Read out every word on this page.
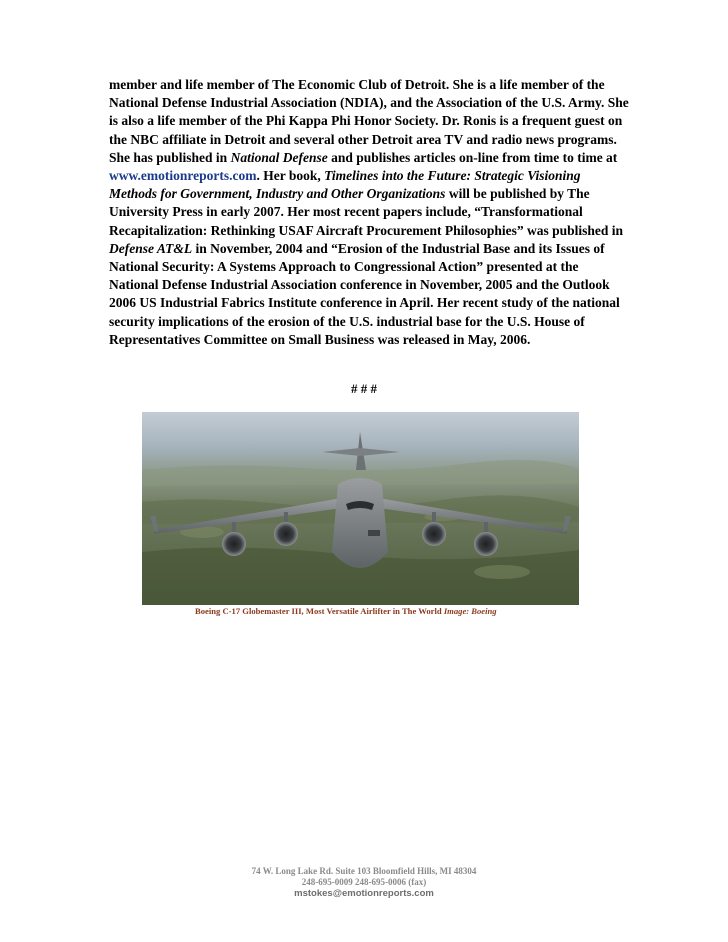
member and life member of The Economic Club of Detroit. She is a life member of the National Defense Industrial Association (NDIA), and the Association of the U.S. Army. She is also a life member of the Phi Kappa Phi Honor Society. Dr. Ronis is a frequent guest on the NBC affiliate in Detroit and several other Detroit area TV and radio news programs. She has published in National Defense and publishes articles on-line from time to time at www.emotionreports.com. Her book, Timelines into the Future: Strategic Visioning Methods for Government, Industry and Other Organizations will be published by The University Press in early 2007. Her most recent papers include, “Transformational Recapitalization: Rethinking USAF Aircraft Procurement Philosophies” was published in Defense AT&L in November, 2004 and “Erosion of the Industrial Base and its Issues of National Security: A Systems Approach to Congressional Action” presented at the National Defense Industrial Association conference in November, 2005 and the Outlook 2006 US Industrial Fabrics Institute conference in April. Her recent study of the national security implications of the erosion of the U.S. industrial base for the U.S. House of Representatives Committee on Small Business was released in May, 2006.

# # #
Boeing C-17 Globemaster III, Most Versatile Airlifter in The World Image: Boeing
74 W. Long Lake Rd. Suite 103 Bloomfield Hills, MI 48304
248-695-0009 248-695-0006 (fax)
mstokes@emotionreports.com
